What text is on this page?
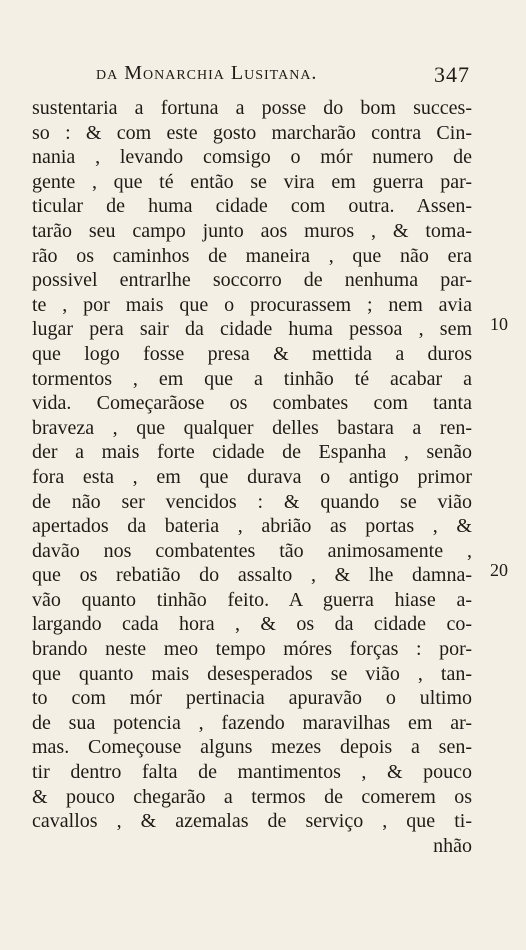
da Monarchia Lusitana.	347
sustentaria a fortuna a posse do bom succes-
so : & com este gosto marcharão contra Cin-
nania , levando comsigo o mór numero de
gente , que té então se vira em guerra par-
ticular de huma cidade com outra. Assen-
tarão seu campo junto aos muros , & toma-
rão os caminhos de maneira , que não era
possivel entrarlhe soccorro de nenhuma par-
te , por mais que o procurassem ; nem avia
lugar pera sair da cidade huma pessoa , sem
que logo fosse presa & mettida a duros
tormentos , em que a tinhão té acabar a
vida. Começarãose os combates com tanta
braveza , que qualquer delles bastara a ren-
der a mais forte cidade de Espanha , senão
fora esta , em que durava o antigo primor
de não ser vencidos : & quando se vião
apertados da bateria , abrião as portas , &
davão nos combatentes tão animosamente ,
que os rebatião do assalto , & lhe damna-
vão quanto tinhão feito. A guerra hiase a-
largando cada hora , & os da cidade co-
brando neste meo tempo móres forças : por-
que quanto mais desesperados se vião , tan-
to com mór pertinacia apuravão o ultimo
de sua potencia , fazendo maravilhas em ar-
mas. Começouse alguns mezes depois a sen-
tir dentro falta de mantimentos , & pouco
& pouco chegarão a termos de comerem os
cavallos , & azemalas de serviço , que ti-
nhão
10
20
